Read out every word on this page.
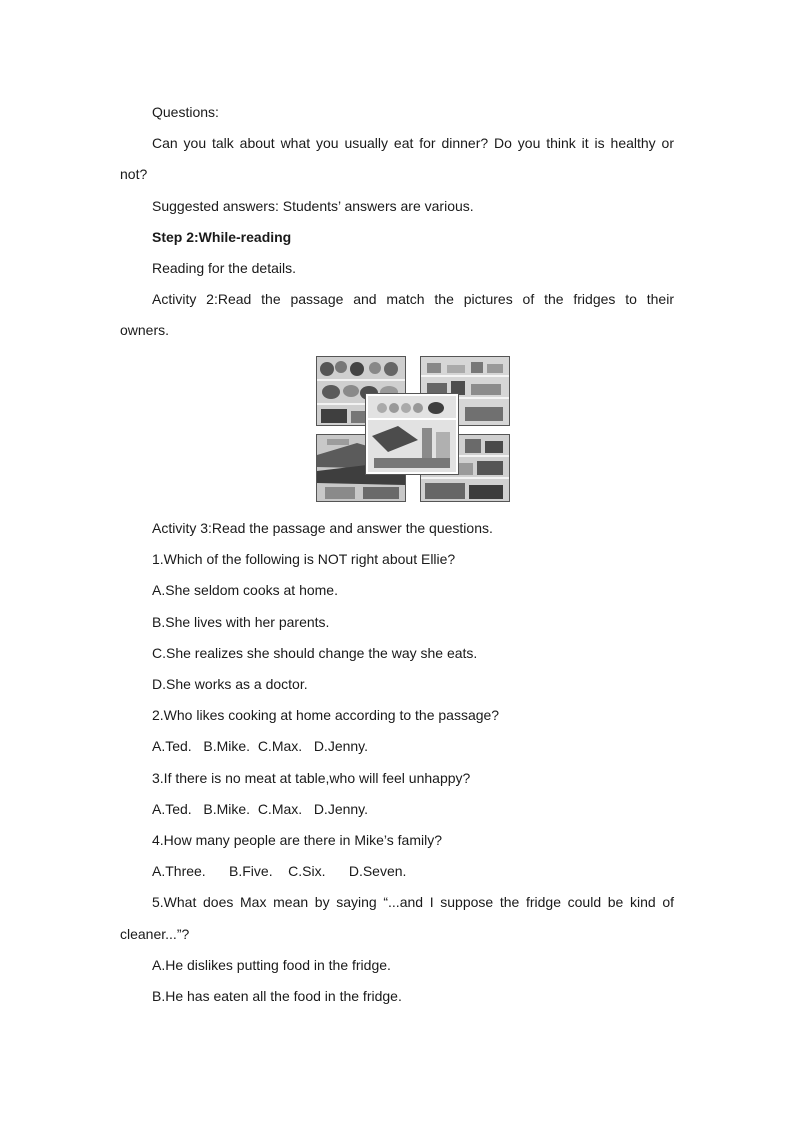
Questions:
Can you talk about what you usually eat for dinner? Do you think it is healthy or
not?
Suggested answers: Students’ answers are various.
Step 2:While-reading
Reading for the details.
Activity 2:Read the passage and match the pictures of the fridges to their
owners.
Activity 3:Read the passage and answer the questions.
1.Which of the following is NOT right about Ellie?
A.She seldom cooks at home.
B.She lives with her parents.
C.She realizes she should change the way she eats.
D.She works as a doctor.
2.Who likes cooking at home according to the passage?
A.Ted.   B.Mike.  C.Max.   D.Jenny.
3.If there is no meat at table,who will feel unhappy?
A.Ted.   B.Mike.  C.Max.   D.Jenny.
4.How many people are there in Mike’s family?
A.Three.      B.Five.    C.Six.      D.Seven.
5.What does Max mean by saying “...and I suppose the fridge could be kind of
cleaner...”?
A.He dislikes putting food in the fridge.
B.He has eaten all the food in the fridge.
